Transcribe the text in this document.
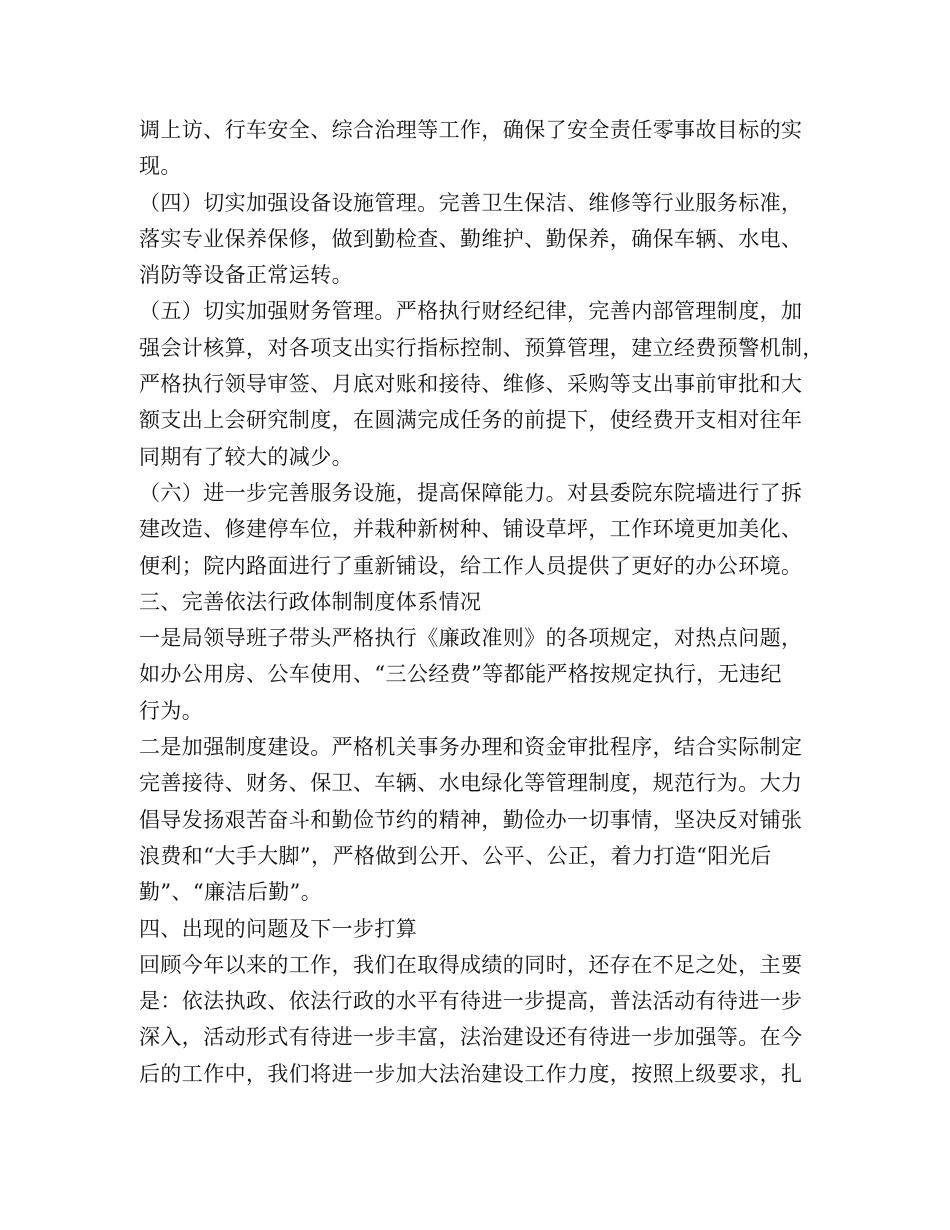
调上访、行车安全、综合治理等工作，确保了安全责任零事故目标的实
现。
（四）切实加强设备设施管理。完善卫生保洁、维修等行业服务标准，
落实专业保养保修，做到勤检查、勤维护、勤保养，确保车辆、水电、
消防等设备正常运转。
（五）切实加强财务管理。严格执行财经纪律，完善内部管理制度，加
强会计核算，对各项支出实行指标控制、预算管理，建立经费预警机制，
严格执行领导审签、月底对账和接待、维修、采购等支出事前审批和大
额支出上会研究制度，在圆满完成任务的前提下，使经费开支相对往年
同期有了较大的减少。
（六）进一步完善服务设施，提高保障能力。对县委院东院墙进行了拆
建改造、修建停车位，并栽种新树种、铺设草坪，工作环境更加美化、
便利；院内路面进行了重新铺设，给工作人员提供了更好的办公环境。
三、完善依法行政体制制度体系情况
一是局领导班子带头严格执行《廉政准则》的各项规定，对热点问题，
如办公用房、公车使用、“三公经费”等都能严格按规定执行，无违纪
行为。
二是加强制度建设。严格机关事务办理和资金审批程序，结合实际制定
完善接待、财务、保卫、车辆、水电绿化等管理制度，规范行为。大力
倡导发扬艰苦奋斗和勤俭节约的精神，勤俭办一切事情，坚决反对铺张
浪费和“大手大脚”，严格做到公开、公平、公正，着力打造“阳光后
勤”、“廉洁后勤”。
四、出现的问题及下一步打算
回顾今年以来的工作，我们在取得成绩的同时，还存在不足之处，主要
是：依法执政、依法行政的水平有待进一步提高，普法活动有待进一步
深入，活动形式有待进一步丰富，法治建设还有待进一步加强等。在今
后的工作中，我们将进一步加大法治建设工作力度，按照上级要求，扎
